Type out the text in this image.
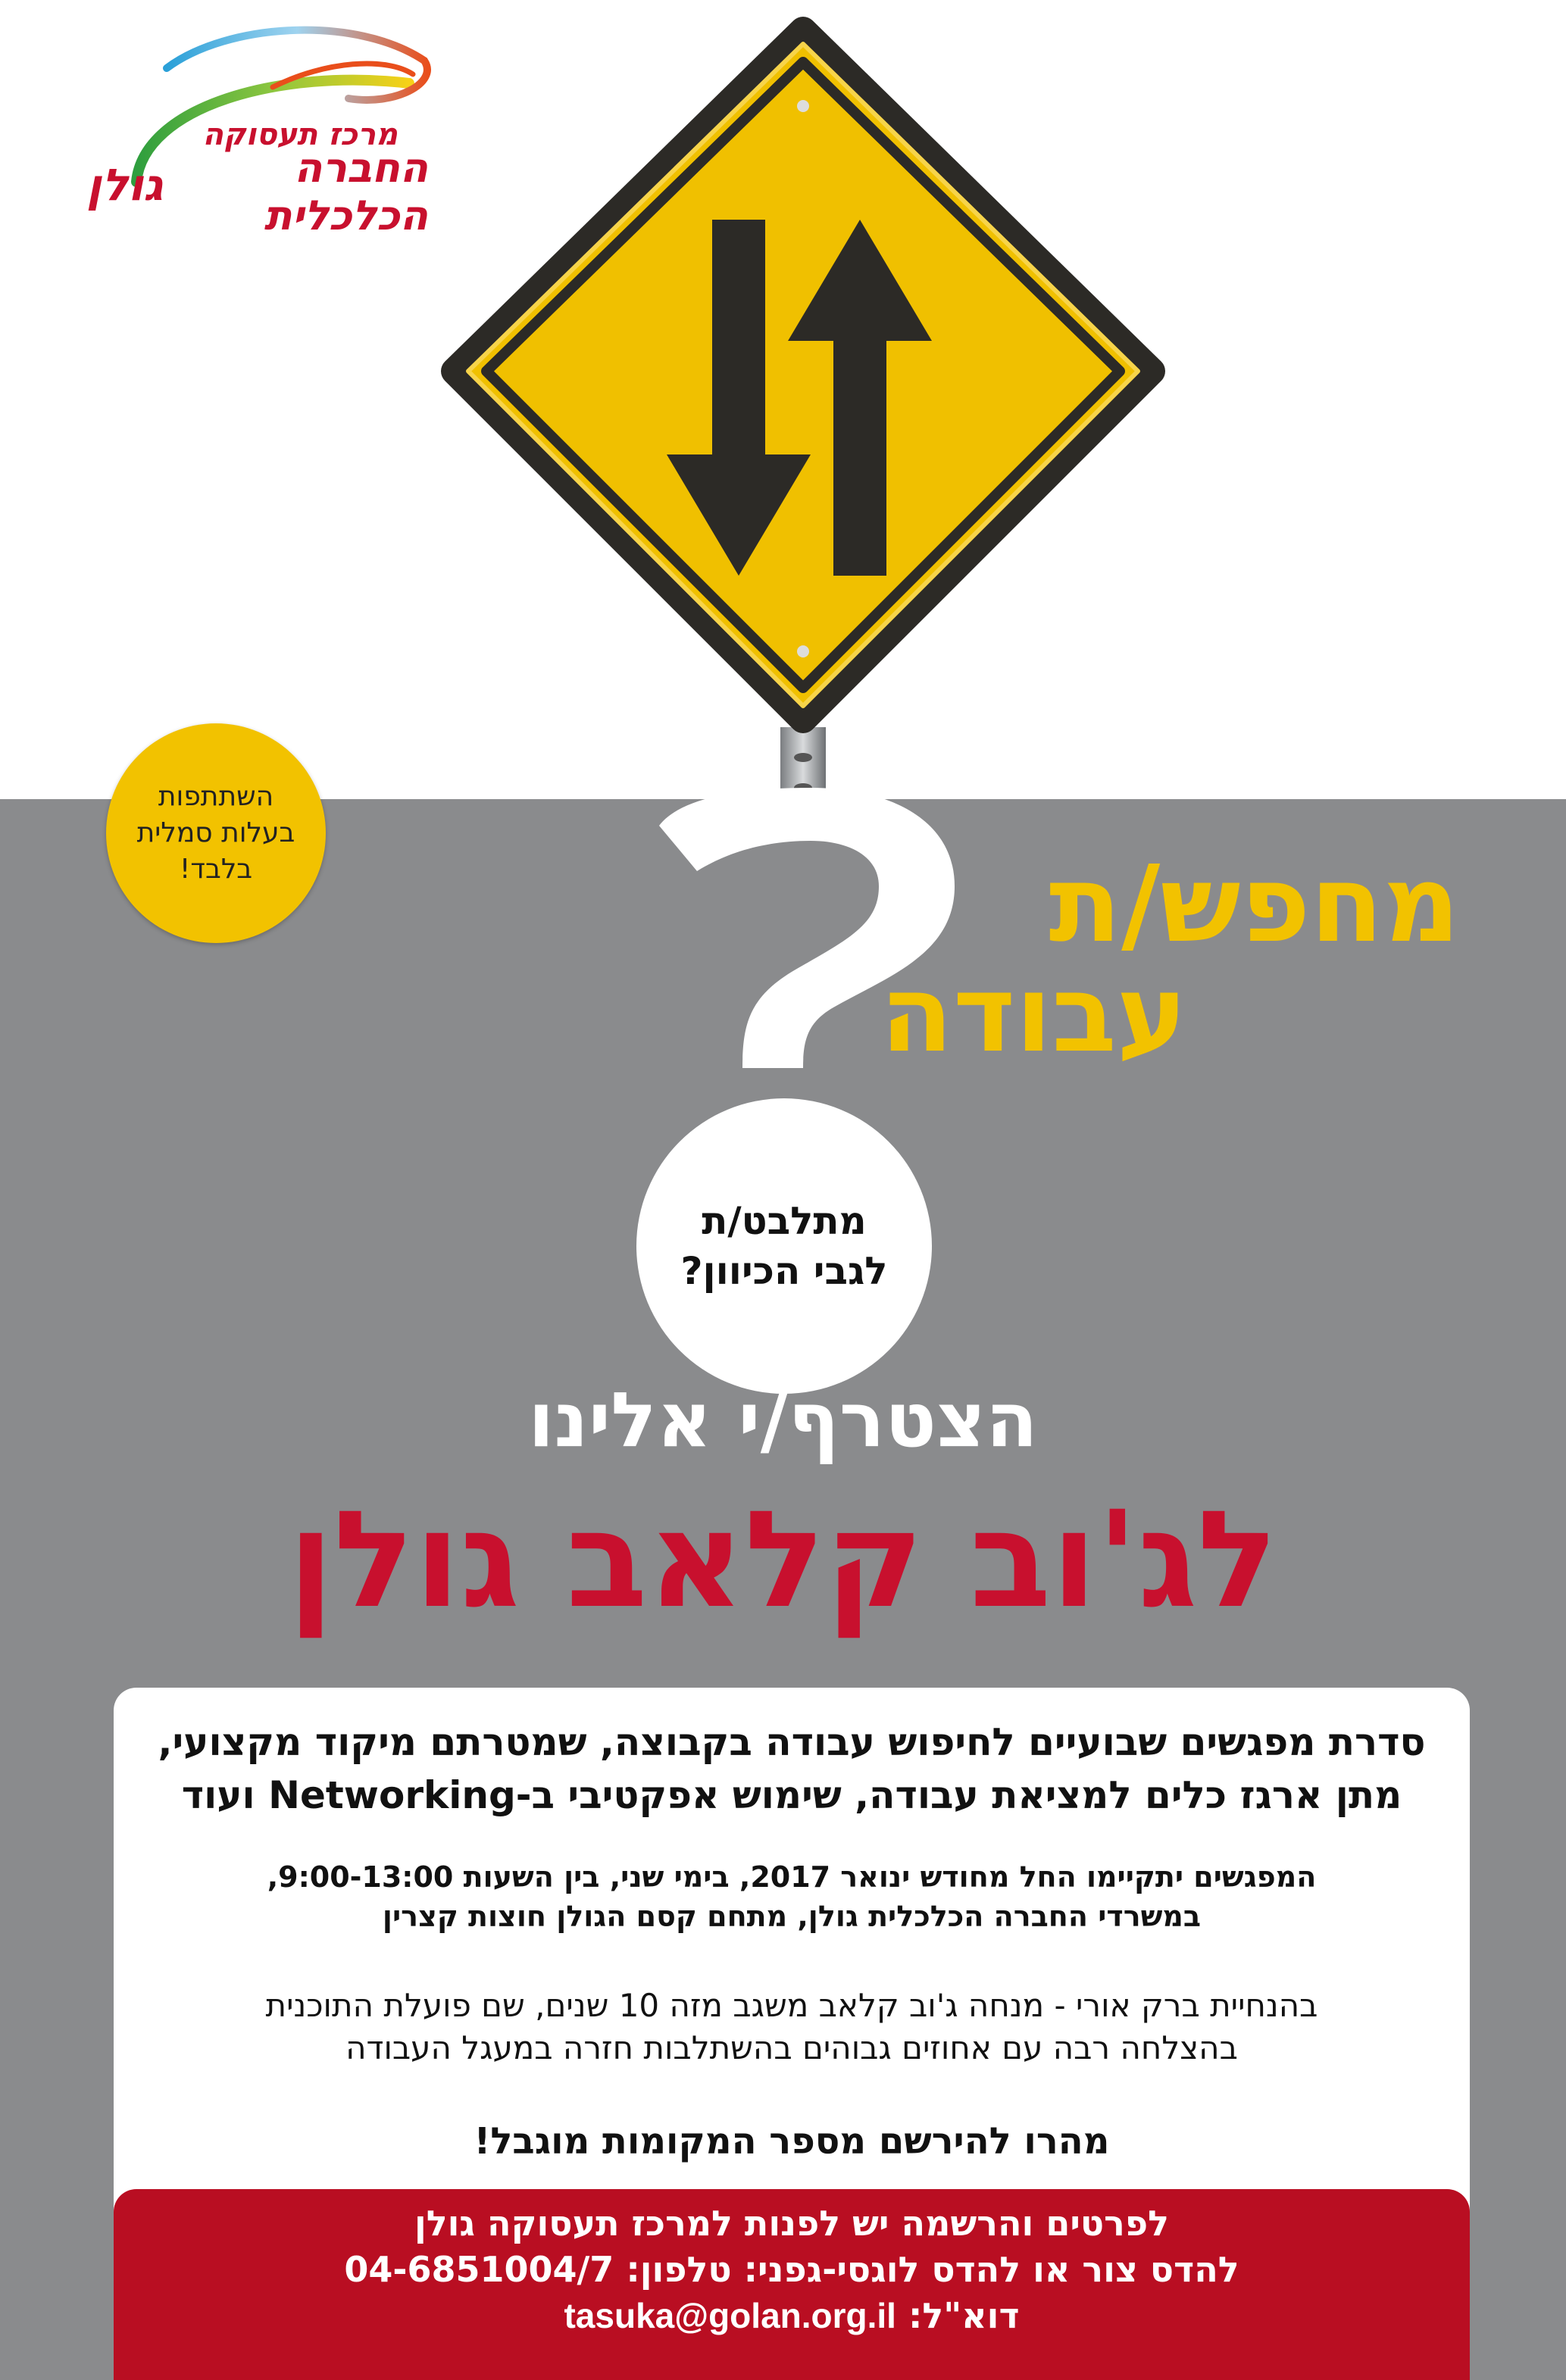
מרכז תעסוקה
החברה הכלכלית
גולן
השתתפות
בעלות סמלית
בלבד!	מחפש/ת
עבודה
מתלבט/ת
לגבי הכיוון?
הצטרף/י אלינו
לג'וב קלאב גולן
סדרת מפגשים שבועיים לחיפוש עבודה בקבוצה, שמטרתם מיקוד מקצועי,
מתן ארגז כלים למציאת עבודה, שימוש אפקטיבי ב-Networking ועוד
המפגשים יתקיימו החל מחודש ינואר 2017, בימי שני, בין השעות 9:00-13:00,
במשרדי החברה הכלכלית גולן, מתחם קסם הגולן חוצות קצרין
בהנחיית ברק אורי - מנחה ג'וב קלאב משגב מזה 10 שנים, שם פועלת התוכנית
בהצלחה רבה עם אחוזים גבוהים בהשתלבות חזרה במעגל העבודה
מהרו להירשם מספר המקומות מוגבל!
לפרטים והרשמה יש לפנות למרכז תעסוקה גולן
להדס צור או להדס לוגסי-גפני: טלפון: 04-6851004/7
דוא"ל: tasuka@golan.org.il
